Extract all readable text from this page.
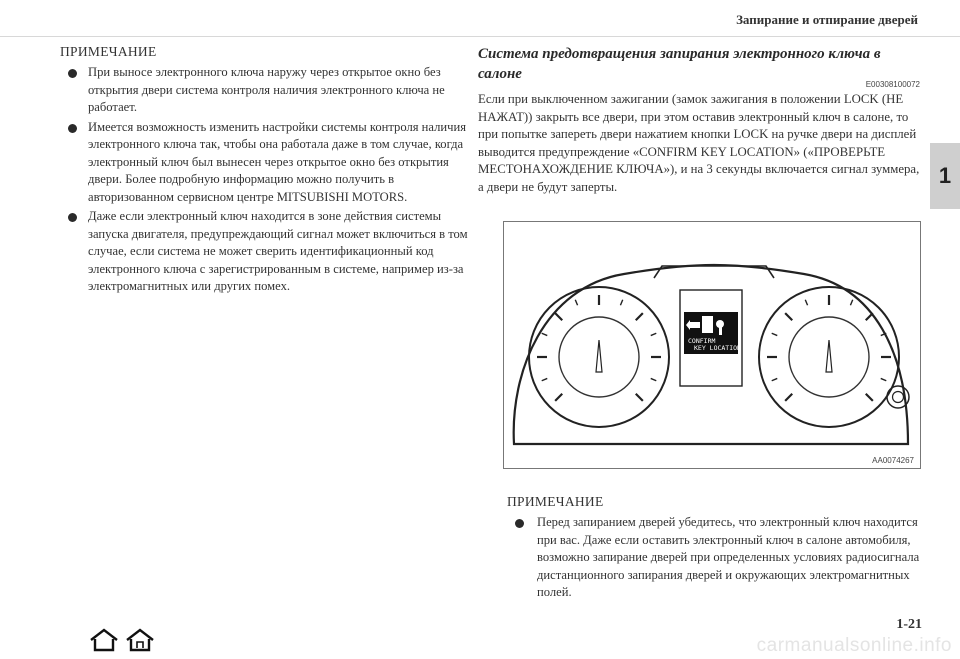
Запирание и отпирание дверей
1
ПРИМЕЧАНИЕ
При выносе электронного ключа наружу через открытое окно без открытия двери система контроля наличия электронного ключа не работает.
Имеется возможность изменить настройки системы контроля наличия электронного ключа так, чтобы она работала даже в том случае, когда электронный ключ был вынесен через открытое окно без открытия двери. Более подробную информацию можно получить в авторизованном сервисном центре MITSUBISHI MOTORS.
Даже если электронный ключ находится в зоне действия системы запуска двигателя, предупреждающий сигнал может включиться в том случае, если система не может сверить идентификационный код электронного ключа с зарегистрированным в системе, например из-за электромагнитных или других помех.
Система предотвращения запирания электронного ключа в салоне
E00308100072
Если при выключенном зажигании (замок зажигания в положении LOCK (НЕ НАЖАТ)) закрыть все двери, при этом оставив электронный ключ в салоне, то при попытке запереть двери нажатием кнопки LOCK на ручке двери на дисплей выводится предупреждение «CONFIRM KEY LOCATION» («ПРОВЕРЬТЕ МЕСТОНАХОЖДЕНИЕ КЛЮЧА»), и на 3 секунды включается сигнал зуммера, а двери не будут заперты.
CONFIRM
KEY LOCATION
AA0074267
ПРИМЕЧАНИЕ
Перед запиранием дверей убедитесь, что электронный ключ находится при вас. Даже если оставить электронный ключ в салоне автомобиля, возможно запирание дверей при определенных условиях радиосигнала дистанционного запирания дверей и окружающих электромагнитных полей.
1-21
carmanualsonline.info
